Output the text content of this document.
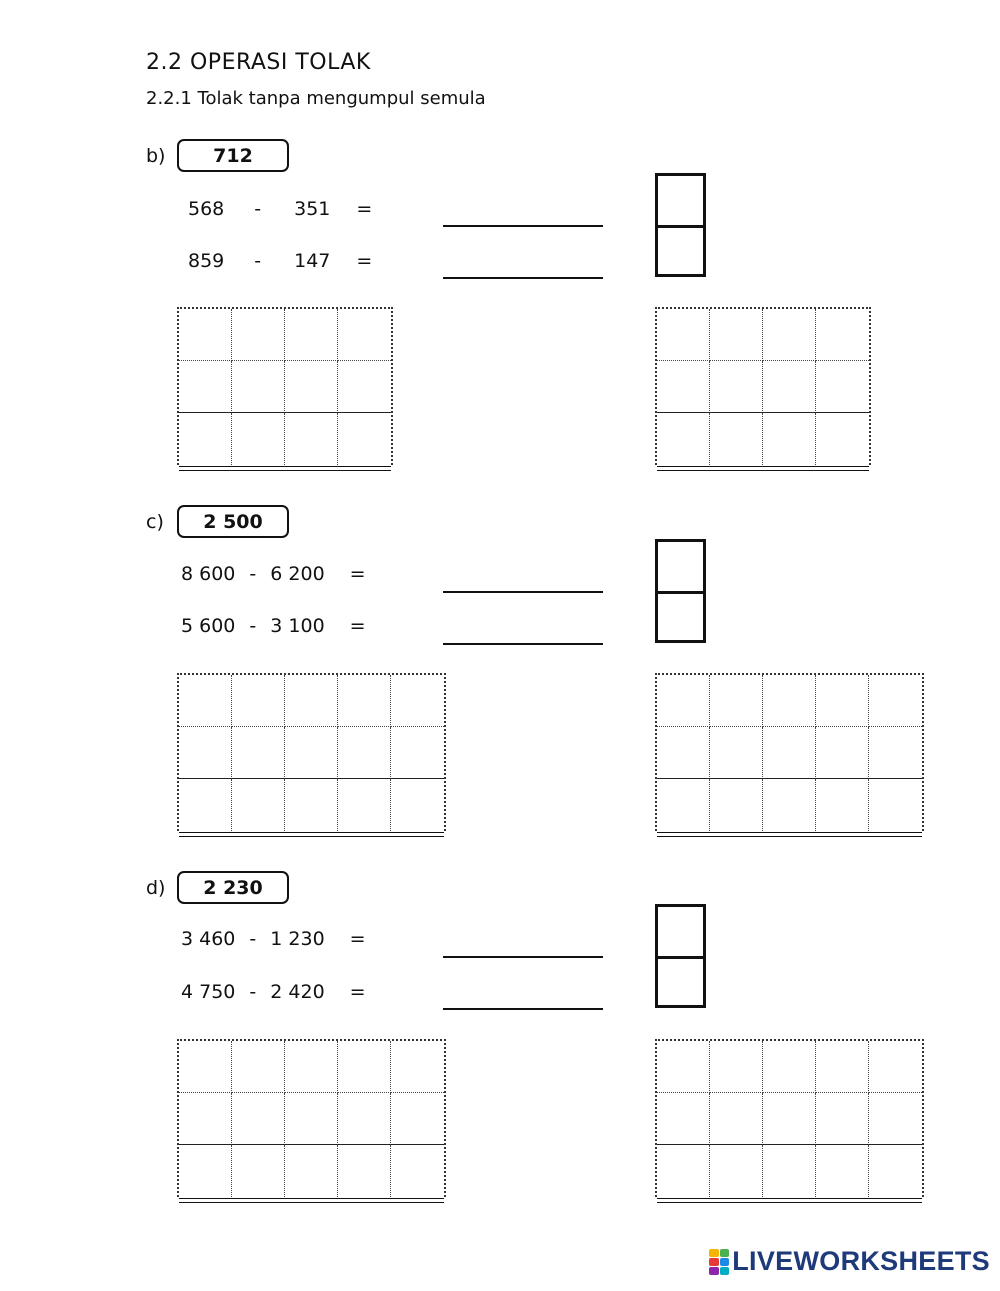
2.2 OPERASI TOLAK
2.2.1 Tolak tanpa mengumpul semula
b)	712
568 - 351 =
859 - 147 =
c)	2 500
8 600 - 6 200 =
5 600 - 3 100 =
d)	2 230
3 460 - 1 230 =
4 750 - 2 420 =
LIVEWORKSHEETS
